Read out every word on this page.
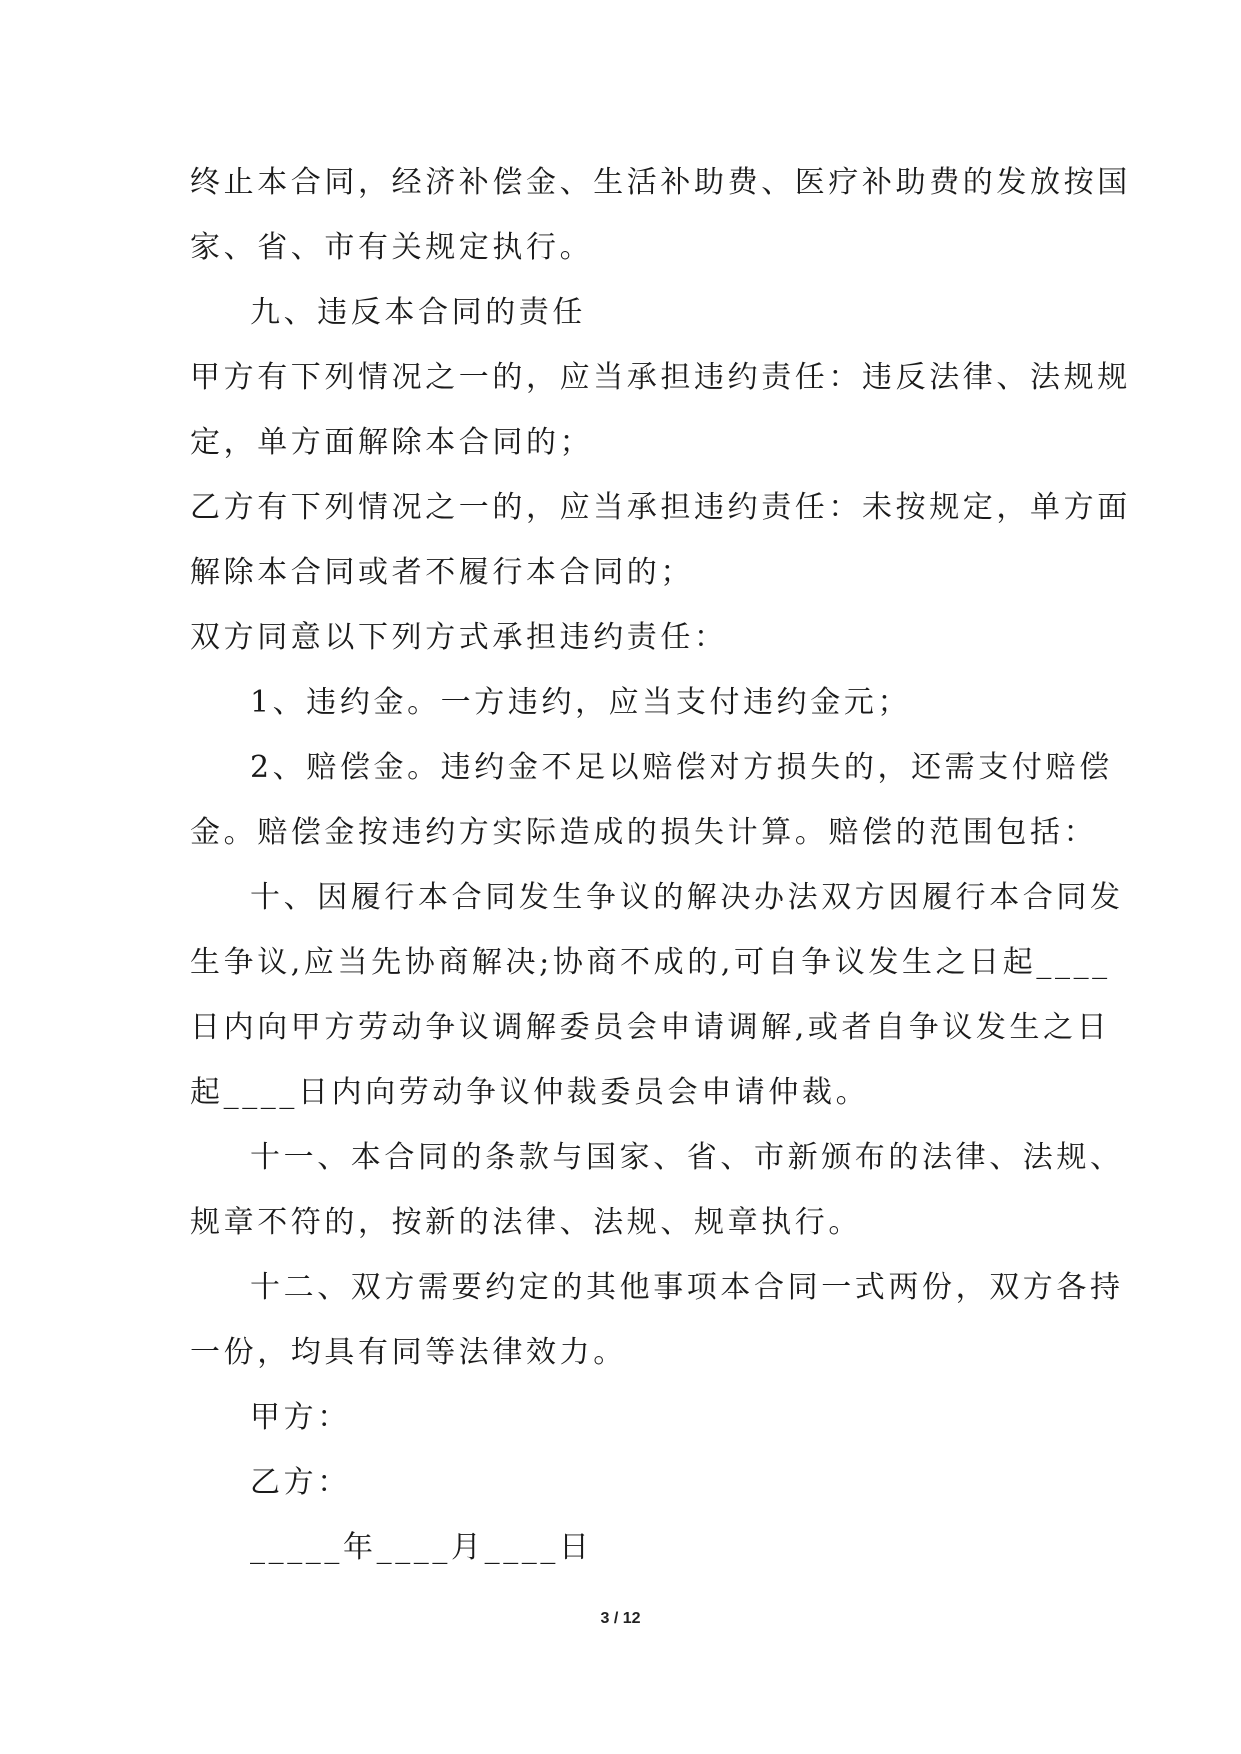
终止本合同，经济补偿金、生活补助费、医疗补助费的发放按国
家、省、市有关规定执行。
九、违反本合同的责任
甲方有下列情况之一的，应当承担违约责任：违反法律、法规规
定，单方面解除本合同的；
乙方有下列情况之一的，应当承担违约责任：未按规定，单方面
解除本合同或者不履行本合同的；
双方同意以下列方式承担违约责任：
1、违约金。一方违约，应当支付违约金元；
2、赔偿金。违约金不足以赔偿对方损失的，还需支付赔偿
金。赔偿金按违约方实际造成的损失计算。赔偿的范围包括：
十、因履行本合同发生争议的解决办法双方因履行本合同发
生争议,应当先协商解决;协商不成的,可自争议发生之日起____
日内向甲方劳动争议调解委员会申请调解,或者自争议发生之日
起____日内向劳动争议仲裁委员会申请仲裁。
十一、本合同的条款与国家、省、市新颁布的法律、法规、
规章不符的，按新的法律、法规、规章执行。
十二、双方需要约定的其他事项本合同一式两份，双方各持
一份，均具有同等法律效力。
甲方：
乙方：
_____年____月____日
3 / 12
